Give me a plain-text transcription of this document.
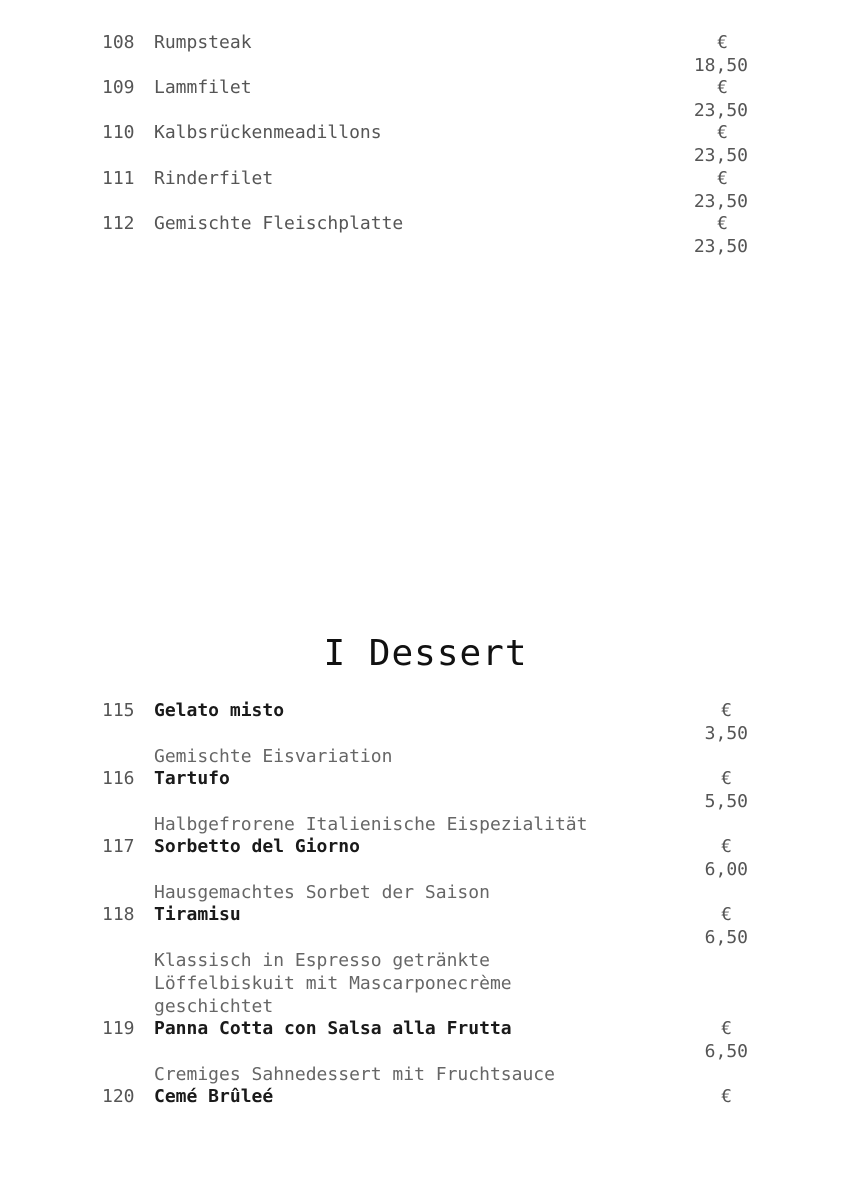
108 Rumpsteak	€
18,50
109 Lammfilet	€
23,50
110 Kalbsrückenmeadillons	€
23,50
111 Rinderfilet	€
23,50
112 Gemischte Fleischplatte	€
23,50
I Dessert
115 Gelato misto	€
3,50
Gemischte Eisvariation
116 Tartufo	€
5,50
Halbgefrorene Italienische Eispezialität
117 Sorbetto del Giorno	€
6,00
Hausgemachtes Sorbet der Saison
118 Tiramisu	€
6,50
Klassisch in Espresso getränkte
Löffelbiskuit mit Mascarponecrème
geschichtet
119 Panna Cotta con Salsa alla Frutta	€
6,50
Cremiges Sahnedessert mit Fruchtsauce
120 Cemé Brûleé	€
